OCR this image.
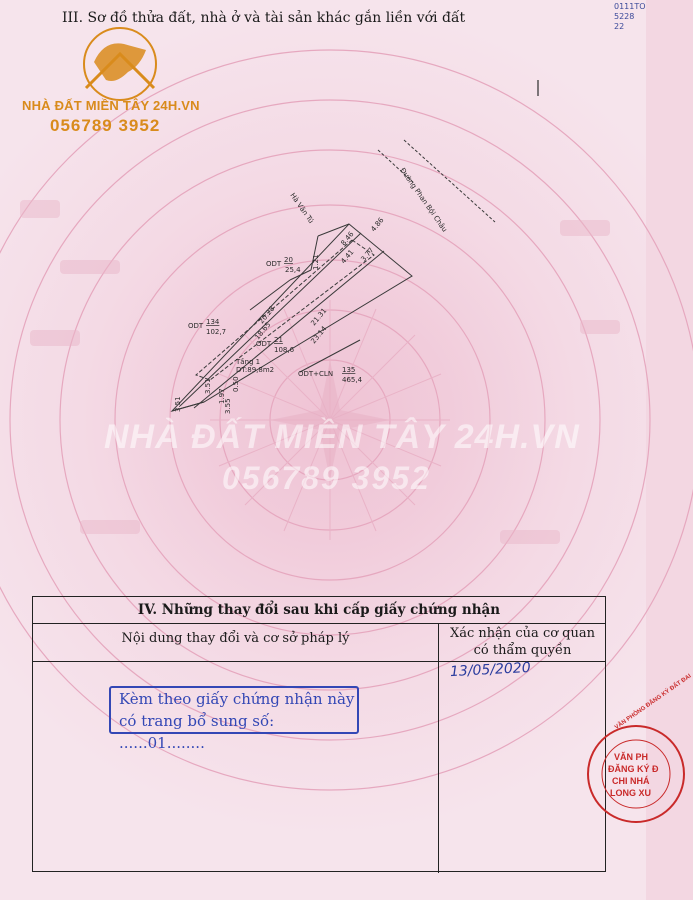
III. Sơ đồ thửa đất, nhà ở và tài sản khác gắn liền với đất
0111TO
5228
22
NHÀ ĐẤT MIỀN TÂY 24H.VN
056789 3952
Đường Phan Bội Châu
Hà Văn Tú	4.86
8.46
4.41 3.77
1.21
20.28
18.65
21.31
23.14
3.51
3.51
1.97
0.50
3.55
ODT 20
25,4
ODT 134
102,7
ODT 21
108,6
Tầng 1
DT:89,8m2	ODT+CLN 135
465,4
NHÀ ĐẤT MIỀN TÂY 24H.VN
056789 3952
IV. Những thay đổi sau khi cấp giấy chứng nhận
Nội dung thay đổi và cơ sở pháp lý	Xác nhận của cơ quan
có thẩm quyền
13/05/2020
Kèm theo giấy chứng nhận này
có trang bổ sung số: ......01........
VĂN PHÒNG ĐĂNG KÝ ĐẤT ĐAI
VĂN PH
ĐĂNG KÝ Đ
CHI NHÁ
LONG XU
